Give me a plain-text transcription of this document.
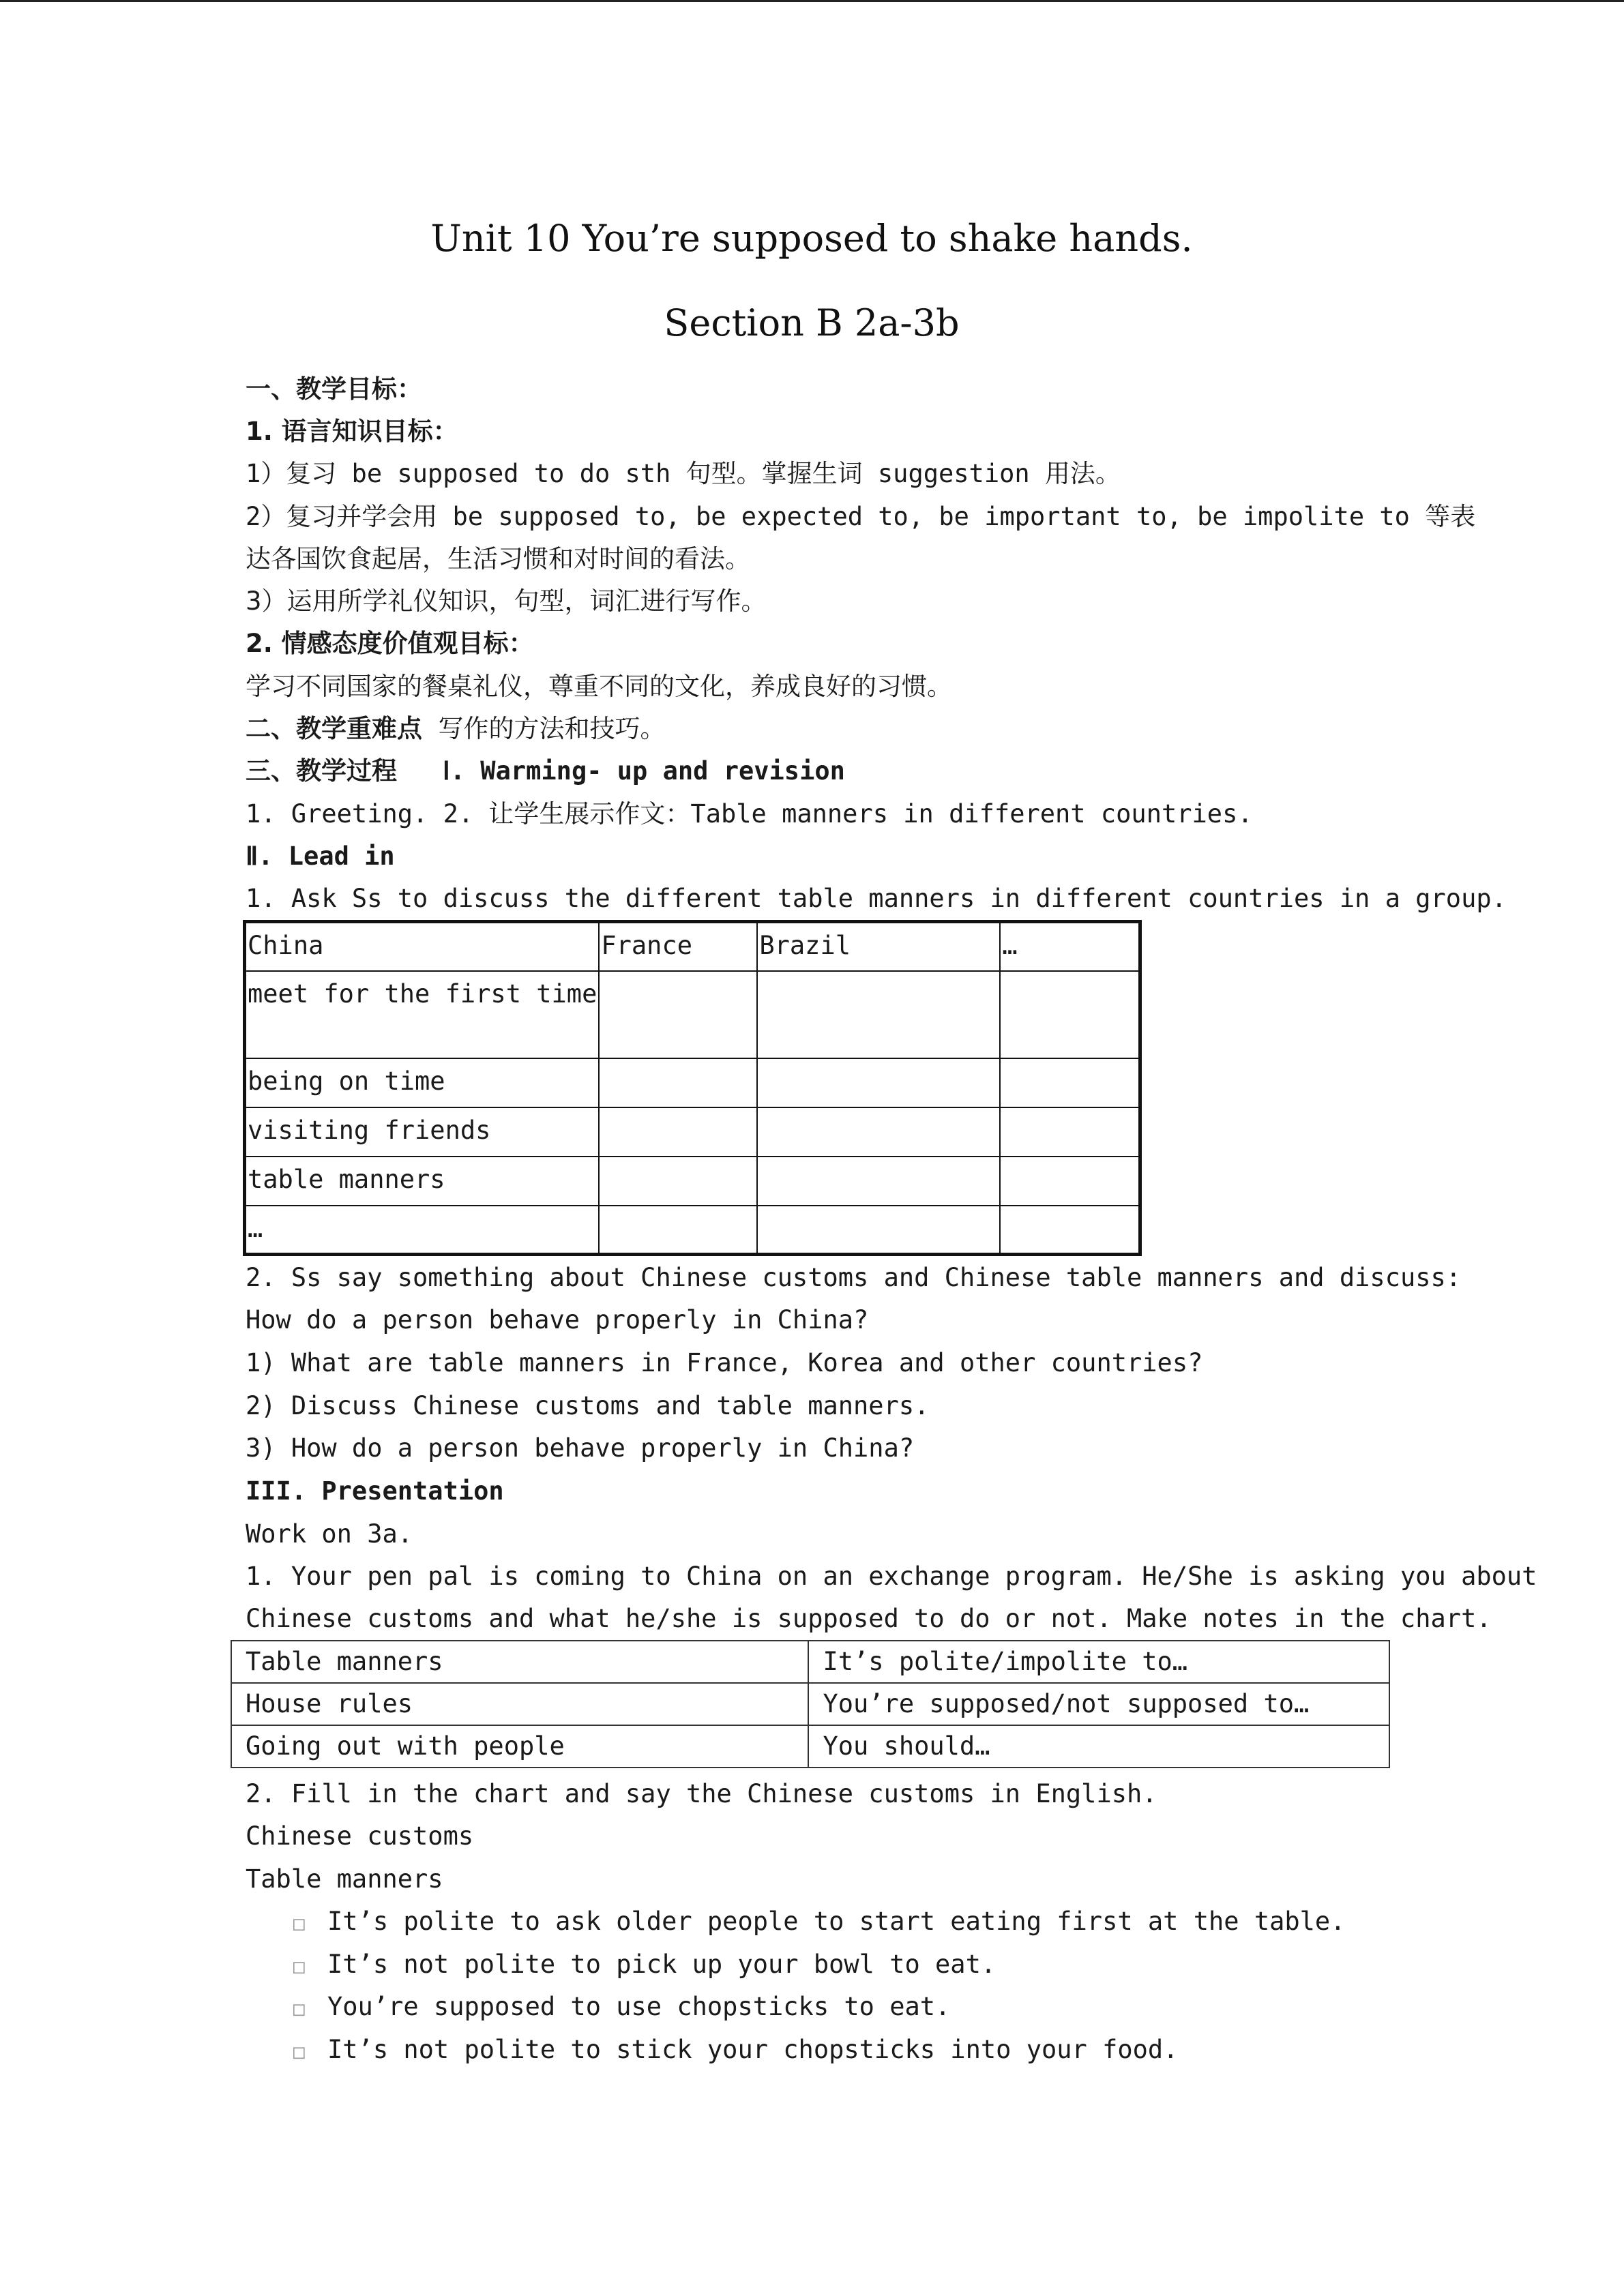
Unit 10 You’re supposed to shake hands.
Section B 2a-3b
一、教学目标：
1. 语言知识目标：
1）复习 be supposed to do sth 句型。掌握生词 suggestion 用法。
2）复习并学会用 be supposed to, be expected to, be important to, be impolite to 等表
达各国饮食起居，生活习惯和对时间的看法。
3）运用所学礼仪知识，句型，词汇进行写作。
2. 情感态度价值观目标：
学习不同国家的餐桌礼仪，尊重不同的文化，养成良好的习惯。
二、教学重难点 写作的方法和技巧。
三、教学过程 Ⅰ. Warming- up and revision
1. Greeting. 2. 让学生展示作文：Table manners in different countries.
Ⅱ. Lead in
1. Ask Ss to discuss the different table manners in different countries in a group.
China	France	Brazil	…
meet for the first time			
being on time			
visiting friends			
table manners			
…			
2. Ss say something about Chinese customs and Chinese table manners and discuss:
How do a person behave properly in China?
1) What are table manners in France, Korea and other countries?
2) Discuss Chinese customs and table manners.
3) How do a person behave properly in China?
III. Presentation
Work on 3a.
1. Your pen pal is coming to China on an exchange program. He/She is asking you about
Chinese customs and what he/she is supposed to do or not. Make notes in the chart.
Table manners	It’s polite/impolite to…
House rules	You’re supposed/not supposed to…
Going out with people	You should…
2. Fill in the chart and say the Chinese customs in English.
Chinese customs
Table manners
□ It’s polite to ask older people to start eating first at the table.
□ It’s not polite to pick up your bowl to eat.
□ You’re supposed to use chopsticks to eat.
□ It’s not polite to stick your chopsticks into your food.
